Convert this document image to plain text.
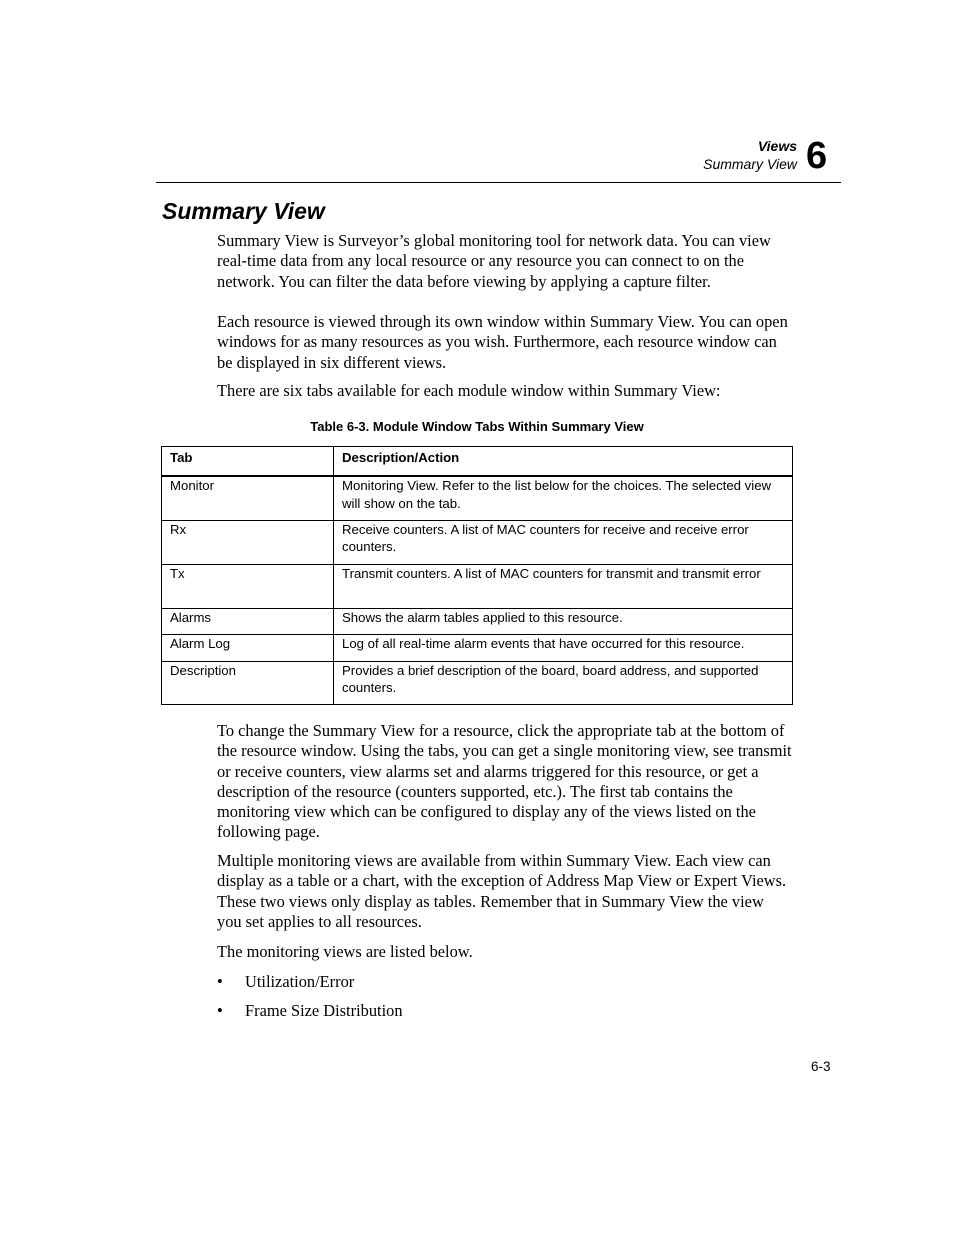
Views
Summary View 6
Summary View

Summary View is Surveyor’s global monitoring tool for network data. You can view real-time data from any local resource or any resource you can connect to on the network. You can filter the data before viewing by applying a capture filter.

Each resource is viewed through its own window within Summary View. You can open windows for as many resources as you wish. Furthermore, each resource window can be displayed in six different views.

There are six tabs available for each module window within Summary View:

Table 6-3. Module Window Tabs Within Summary View
Tab	Description/Action
Monitor	Monitoring View. Refer to the list below for the choices. The selected view will show on the tab.
Rx	Receive counters. A list of MAC counters for receive and receive error counters.
Tx	Transmit counters. A list of MAC counters for transmit and transmit error
Alarms	Shows the alarm tables applied to this resource.
Alarm Log	Log of all real-time alarm events that have occurred for this resource.
Description	Provides a brief description of the board, board address, and supported counters.

To change the Summary View for a resource, click the appropriate tab at the bottom of the resource window. Using the tabs, you can get a single monitoring view, see transmit or receive counters, view alarms set and alarms triggered for this resource, or get a description of the resource (counters supported, etc.). The first tab contains the monitoring view which can be configured to display any of the views listed on the following page.

Multiple monitoring views are available from within Summary View. Each view can display as a table or a chart, with the exception of Address Map View or Expert Views. These two views only display as tables. Remember that in Summary View the view you set applies to all resources.

The monitoring views are listed below.

• Utilization/Error
• Frame Size Distribution
6-3
